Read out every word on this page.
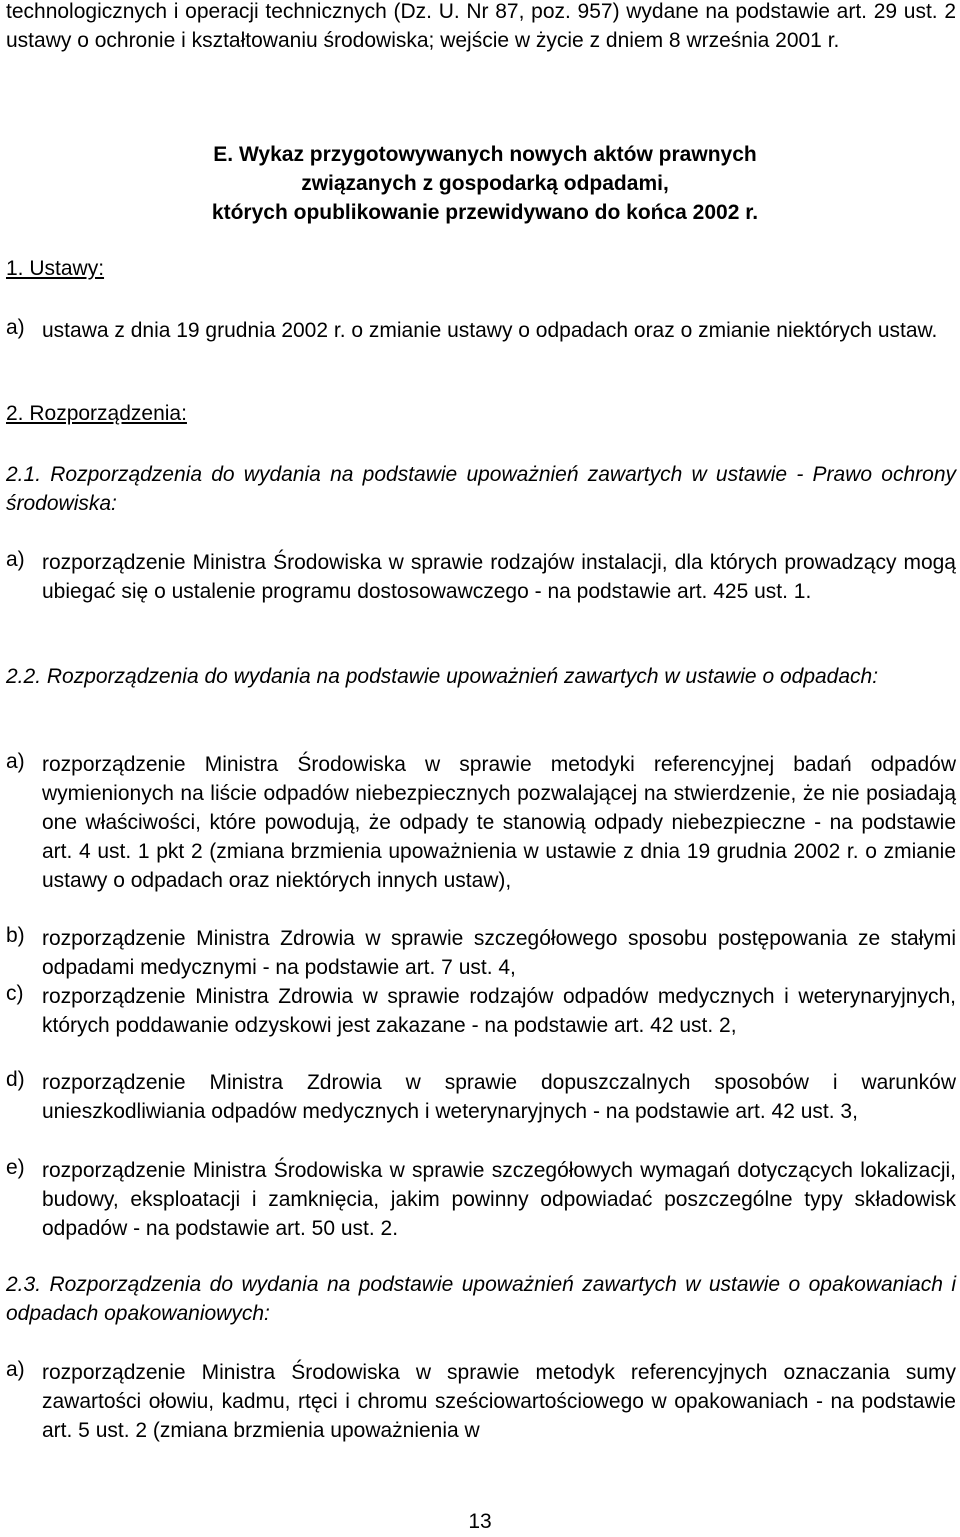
technologicznych i operacji technicznych (Dz. U. Nr 87, poz. 957) wydane na podstawie art. 29 ust. 2 ustawy o ochronie i kształtowaniu środowiska; wejście w życie z dniem 8 września 2001 r.

E. Wykaz przygotowywanych nowych aktów prawnych
związanych z gospodarką odpadami,
których opublikowanie przewidywano do końca 2002 r.
1. Ustawy:
a) ustawa z dnia 19 grudnia 2002 r. o zmianie ustawy o odpadach oraz o zmianie niektórych ustaw.
2. Rozporządzenia:

2.1. Rozporządzenia do wydania na podstawie upoważnień zawartych w ustawie - Prawo ochrony środowiska:

a) rozporządzenie Ministra Środowiska w sprawie rodzajów instalacji, dla których prowadzący mogą ubiegać się o ustalenie programu dostosowawczego - na podstawie art. 425 ust. 1.

2.2. Rozporządzenia do wydania na podstawie upoważnień zawartych w ustawie o odpadach:

a) rozporządzenie Ministra Środowiska w sprawie metodyki referencyjnej badań odpadów wymienionych na liście odpadów niebezpiecznych pozwalającej na stwierdzenie, że nie posiadają one właściwości, które powodują, że odpady te stanowią odpady niebezpieczne - na podstawie art. 4 ust. 1 pkt 2 (zmiana brzmienia upoważnienia w ustawie z dnia 19 grudnia 2002 r. o zmianie ustawy o odpadach oraz niektórych innych ustaw),
b) rozporządzenie Ministra Zdrowia w sprawie szczegółowego sposobu postępowania ze stałymi odpadami medycznymi - na podstawie art. 7 ust. 4,
c) rozporządzenie Ministra Zdrowia w sprawie rodzajów odpadów medycznych i weterynaryjnych, których poddawanie odzyskowi jest zakazane - na podstawie art. 42 ust. 2,
d) rozporządzenie Ministra Zdrowia w sprawie dopuszczalnych sposobów i warunków unieszkodliwiania odpadów medycznych i weterynaryjnych - na podstawie art. 42 ust. 3,
e) rozporządzenie Ministra Środowiska w sprawie szczegółowych wymagań dotyczących lokalizacji, budowy, eksploatacji i zamknięcia, jakim powinny odpowiadać poszczególne typy składowisk odpadów - na podstawie art. 50 ust. 2.

2.3. Rozporządzenia do wydania na podstawie upoważnień zawartych w ustawie o opakowaniach i odpadach opakowaniowych:

a) rozporządzenie Ministra Środowiska w sprawie metodyk referencyjnych oznaczania sumy zawartości ołowiu, kadmu, rtęci i chromu sześciowartościowego w opakowaniach - na podstawie art. 5 ust. 2 (zmiana brzmienia upoważnienia w
13
